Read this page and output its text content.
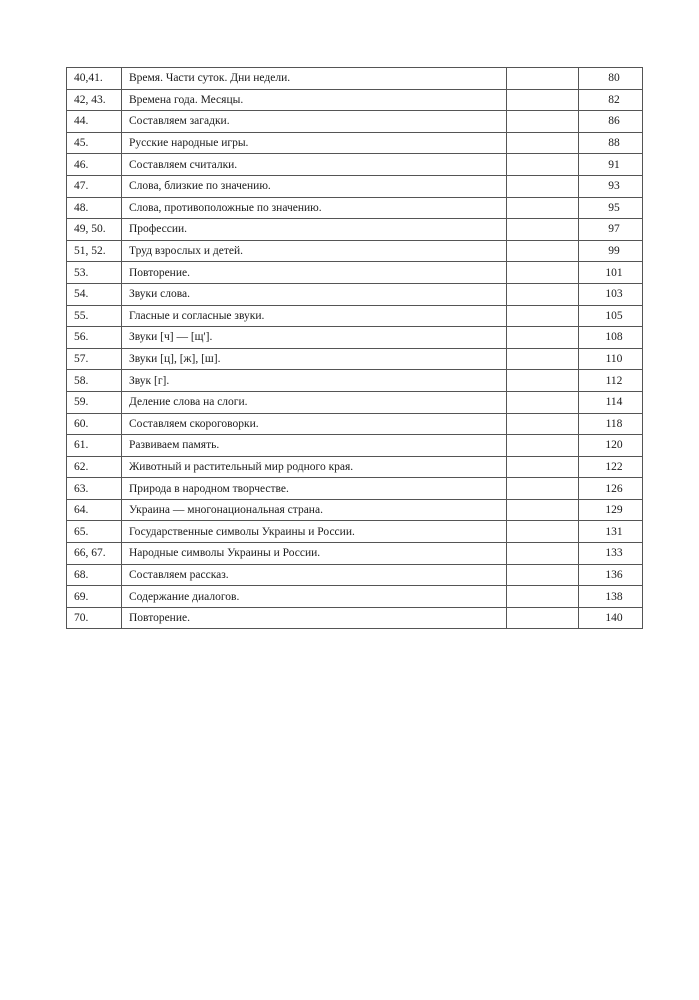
40,41.	Время. Части суток. Дни недели.		80
42, 43.	Времена года. Месяцы.		82
44.	Составляем загадки.		86
45.	Русские народные игры.		88
46.	Составляем считалки.		91
47.	Слова, близкие по значению.		93
48.	Слова, противоположные по значению.		95
49, 50.	Профессии.		97
51, 52.	Труд взрослых и детей.		99
53.	Повторение.		101
54.	Звуки слова.		103
55.	Гласные и согласные звуки.		105
56.	Звуки [ч] — [щ'].		108
57.	Звуки [ц], [ж], [ш].		110
58.	Звук [г].		112
59.	Деление слова на слоги.		114
60.	Составляем скороговорки.		118
61.	Развиваем память.		120
62.	Животный и растительный мир родного края.		122
63.	Природа в народном творчестве.		126
64.	Украина — многонациональная страна.		129
65.	Государственные символы Украины и России.		131
66, 67.	Народные символы Украины и России.		133
68.	Составляем рассказ.		136
69.	Содержание диалогов.		138
70.	Повторение.		140
